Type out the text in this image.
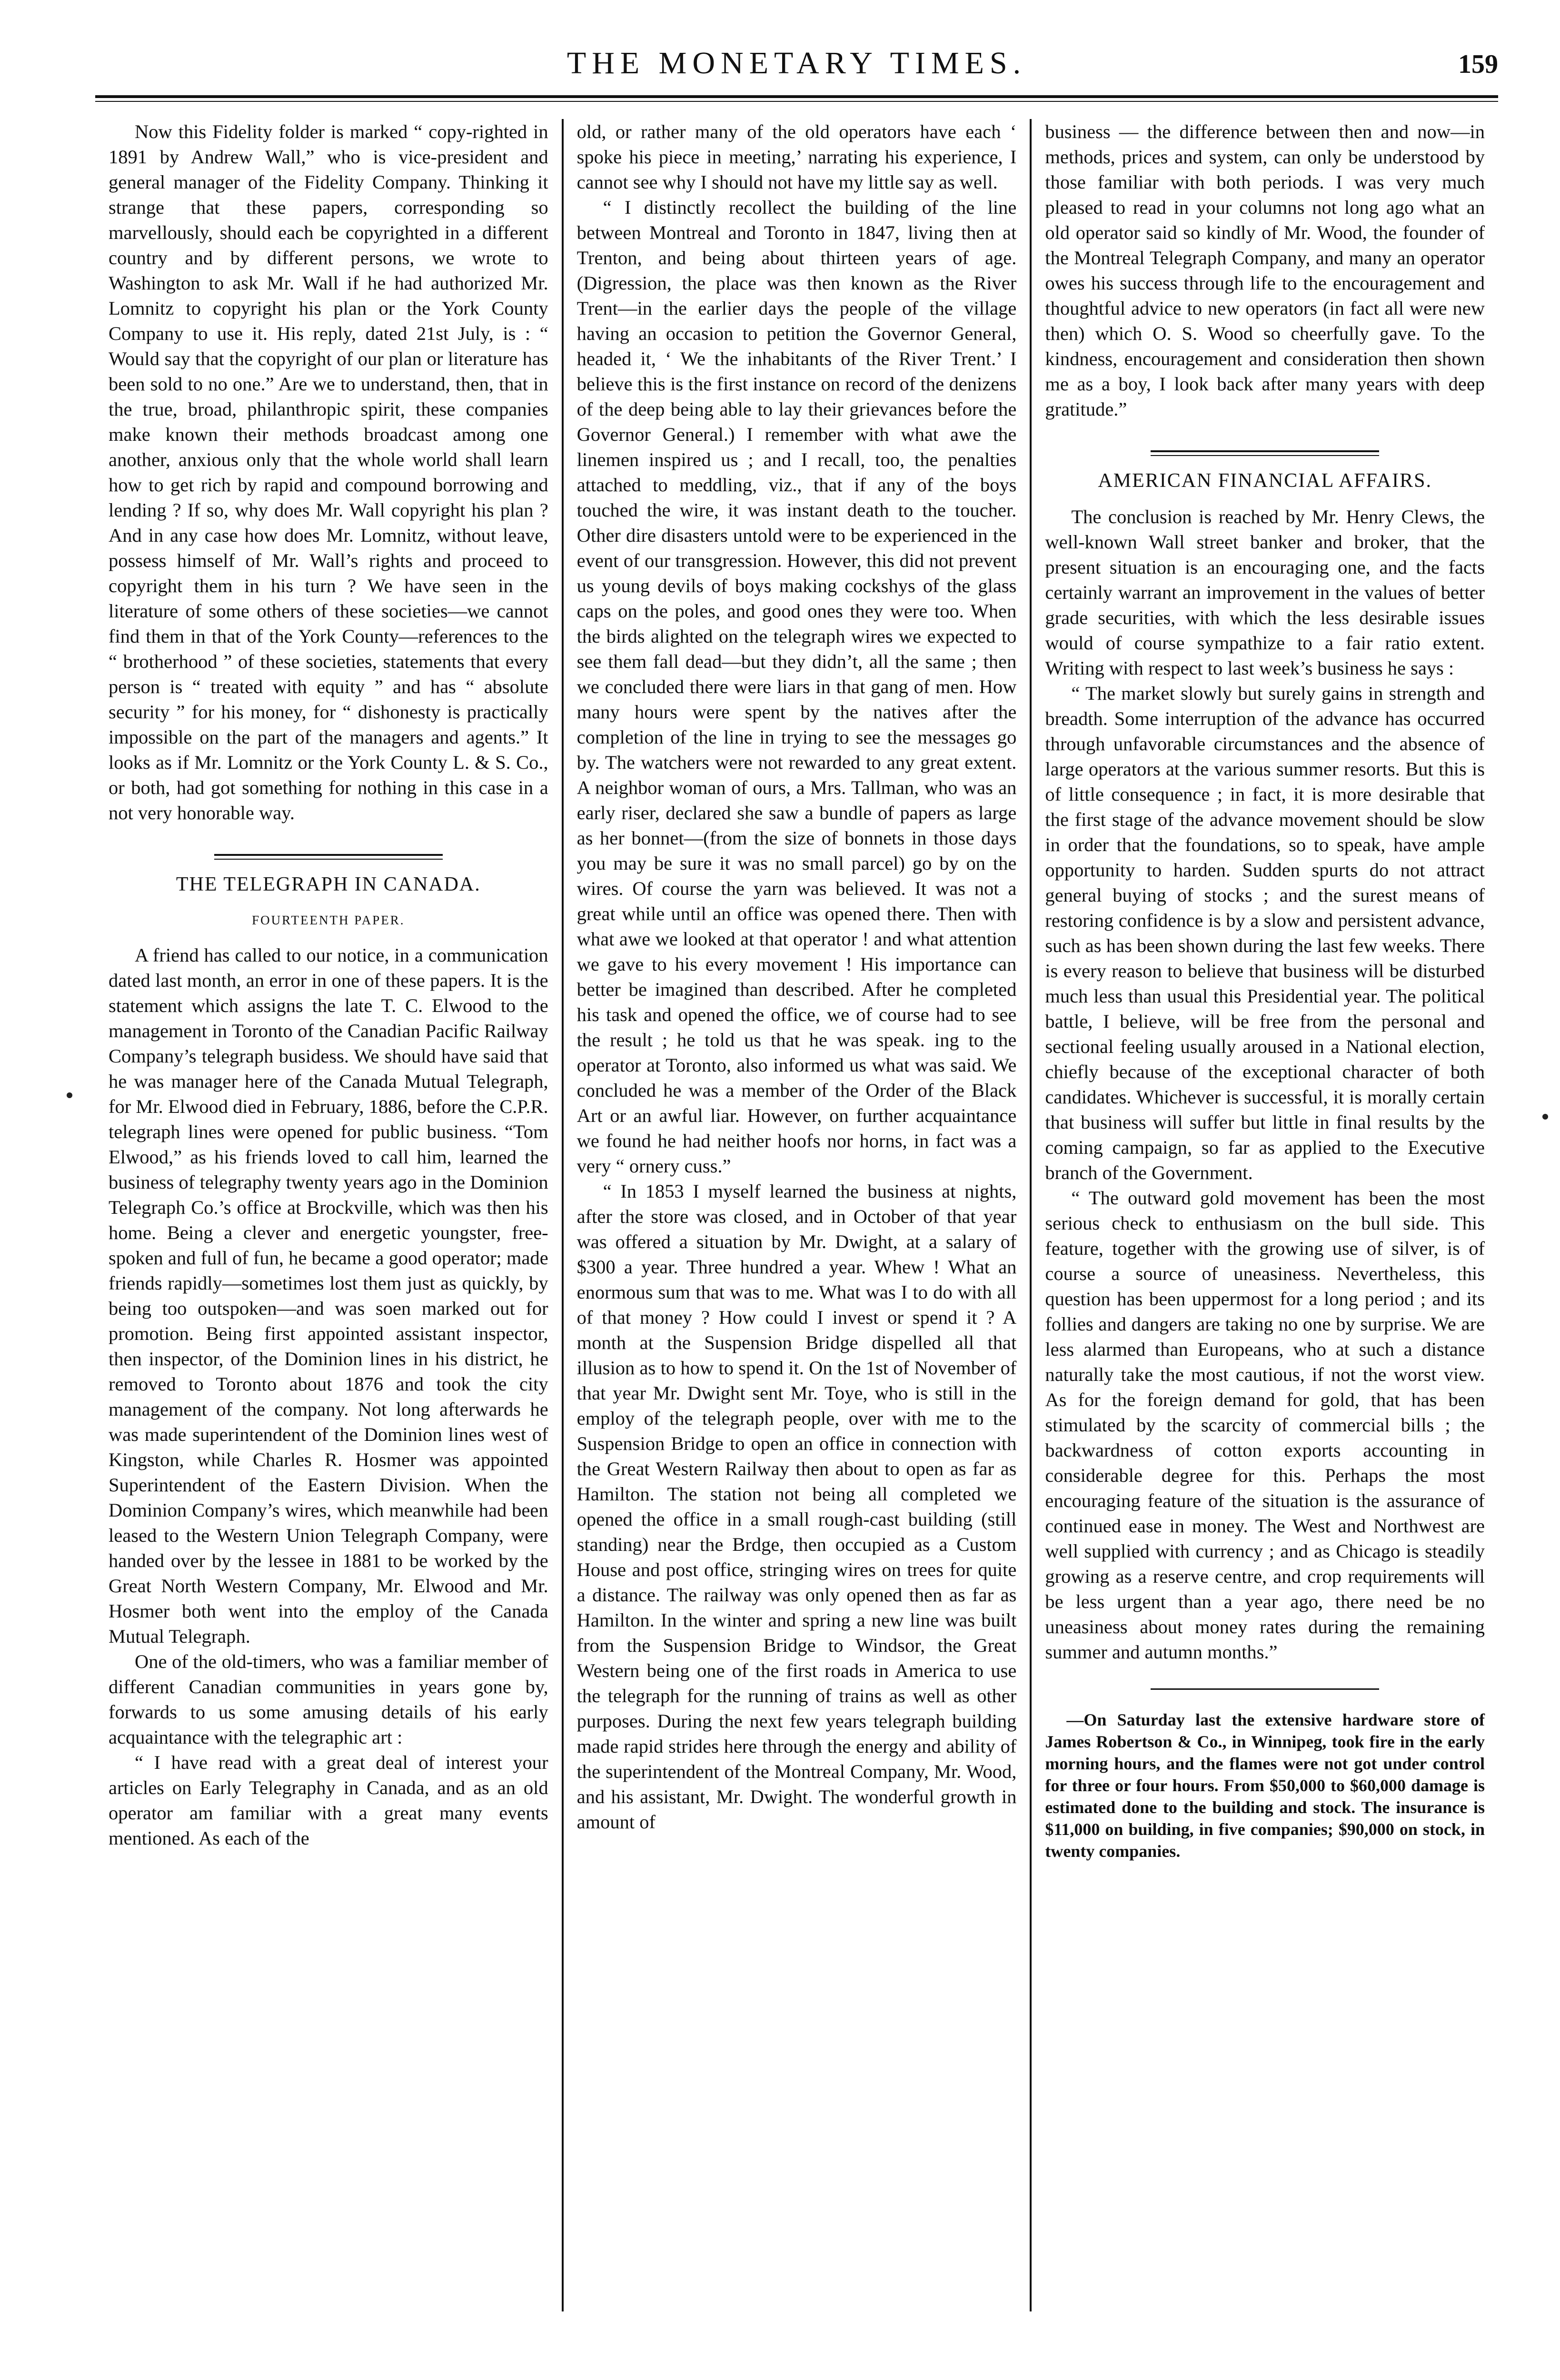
THE MONETARY TIMES.	159

Now this Fidelity folder is marked “ copy-righted in 1891 by Andrew Wall,” who is vice-president and general manager of the Fidelity Company. Thinking it strange that these papers, corresponding so marvellously, should each be copyrighted in a different country and by different persons, we wrote to Washington to ask Mr. Wall if he had authorized Mr. Lomnitz to copyright his plan or the York County Company to use it. His reply, dated 21st July, is : “ Would say that the copyright of our plan or literature has been sold to no one.” Are we to understand, then, that in the true, broad, philanthropic spirit, these companies make known their methods broadcast among one another, anxious only that the whole world shall learn how to get rich by rapid and compound borrowing and lending ? If so, why does Mr. Wall copyright his plan ? And in any case how does Mr. Lomnitz, without leave, possess himself of Mr. Wall’s rights and proceed to copyright them in his turn ? We have seen in the literature of some others of these societies—we cannot find them in that of the York County—references to the “ brotherhood ” of these societies, statements that every person is “ treated with equity ” and has “ absolute security ” for his money, for “ dishonesty is practically impossible on the part of the managers and agents.” It looks as if Mr. Lomnitz or the York County L. & S. Co., or both, had got something for nothing in this case in a not very honorable way.

THE TELEGRAPH IN CANADA.
FOURTEENTH PAPER.

A friend has called to our notice, in a communication dated last month, an error in one of these papers. It is the statement which assigns the late T. C. Elwood to the management in Toronto of the Canadian Pacific Railway Company’s telegraph busidess. We should have said that he was manager here of the Canada Mutual Telegraph, for Mr. Elwood died in February, 1886, before the C.P.R. telegraph lines were opened for public business. “Tom Elwood,” as his friends loved to call him, learned the business of telegraphy twenty years ago in the Dominion Telegraph Co.’s office at Brockville, which was then his home. Being a clever and energetic youngster, free-spoken and full of fun, he became a good operator; made friends rapidly—sometimes lost them just as quickly, by being too outspoken—and was soen marked out for promotion. Being first appointed assistant inspector, then inspector, of the Dominion lines in his district, he removed to Toronto about 1876 and took the city management of the company. Not long afterwards he was made superintendent of the Dominion lines west of Kingston, while Charles R. Hosmer was appointed Superintendent of the Eastern Division. When the Dominion Company’s wires, which meanwhile had been leased to the Western Union Telegraph Company, were handed over by the lessee in 1881 to be worked by the Great North Western Company, Mr. Elwood and Mr. Hosmer both went into the employ of the Canada Mutual Telegraph.

One of the old-timers, who was a familiar member of different Canadian communities in years gone by, forwards to us some amusing details of his early acquaintance with the telegraphic art :

“ I have read with a great deal of interest your articles on Early Telegraphy in Canada, and as an old operator am familiar with a great many events mentioned. As each of the

old, or rather many of the old operators have each ‘ spoke his piece in meeting,’ narrating his experience, I cannot see why I should not have my little say as well.

“ I distinctly recollect the building of the line between Montreal and Toronto in 1847, living then at Trenton, and being about thirteen years of age. (Digression, the place was then known as the River Trent—in the earlier days the people of the village having an occasion to petition the Governor General, headed it, ‘ We the inhabitants of the River Trent.’ I believe this is the first instance on record of the denizens of the deep being able to lay their grievances before the Governor General.) I remember with what awe the linemen inspired us ; and I recall, too, the penalties attached to meddling, viz., that if any of the boys touched the wire, it was instant death to the toucher. Other dire disasters untold were to be experienced in the event of our transgression. However, this did not prevent us young devils of boys making cockshys of the glass caps on the poles, and good ones they were too. When the birds alighted on the telegraph wires we expected to see them fall dead—but they didn’t, all the same ; then we concluded there were liars in that gang of men. How many hours were spent by the natives after the completion of the line in trying to see the messages go by. The watchers were not rewarded to any great extent. A neighbor woman of ours, a Mrs. Tallman, who was an early riser, declared she saw a bundle of papers as large as her bonnet—(from the size of bonnets in those days you may be sure it was no small parcel) go by on the wires. Of course the yarn was believed. It was not a great while until an office was opened there. Then with what awe we looked at that operator ! and what attention we gave to his every movement ! His importance can better be imagined than described. After he completed his task and opened the office, we of course had to see the result ; he told us that he was speak. ing to the operator at Toronto, also informed us what was said. We concluded he was a member of the Order of the Black Art or an awful liar. However, on further acquaintance we found he had neither hoofs nor horns, in fact was a very “ ornery cuss.”

“ In 1853 I myself learned the business at nights, after the store was closed, and in October of that year was offered a situation by Mr. Dwight, at a salary of $300 a year. Three hundred a year. Whew ! What an enormous sum that was to me. What was I to do with all of that money ? How could I invest or spend it ? A month at the Suspension Bridge dispelled all that illusion as to how to spend it. On the 1st of November of that year Mr. Dwight sent Mr. Toye, who is still in the employ of the telegraph people, over with me to the Suspension Bridge to open an office in connection with the Great Western Railway then about to open as far as Hamilton. The station not being all completed we opened the office in a small rough-cast building (still standing) near the Brdge, then occupied as a Custom House and post office, stringing wires on trees for quite a distance. The railway was only opened then as far as Hamilton. In the winter and spring a new line was built from the Suspension Bridge to Windsor, the Great Western being one of the first roads in America to use the telegraph for the running of trains as well as other purposes. During the next few years telegraph building made rapid strides here through the energy and ability of the superintendent of the Montreal Company, Mr. Wood, and his assistant, Mr. Dwight. The wonderful growth in amount of

business — the difference between then and now—in methods, prices and system, can only be understood by those familiar with both periods. I was very much pleased to read in your columns not long ago what an old operator said so kindly of Mr. Wood, the founder of the Montreal Telegraph Company, and many an operator owes his success through life to the encouragement and thoughtful advice to new operators (in fact all were new then) which O. S. Wood so cheerfully gave. To the kindness, encouragement and consideration then shown me as a boy, I look back after many years with deep gratitude.”

AMERICAN FINANCIAL AFFAIRS.

The conclusion is reached by Mr. Henry Clews, the well-known Wall street banker and broker, that the present situation is an encouraging one, and the facts certainly warrant an improvement in the values of better grade securities, with which the less desirable issues would of course sympathize to a fair ratio extent. Writing with respect to last week’s business he says :

“ The market slowly but surely gains in strength and breadth. Some interruption of the advance has occurred through unfavorable circumstances and the absence of large operators at the various summer resorts. But this is of little consequence ; in fact, it is more desirable that the first stage of the advance movement should be slow in order that the foundations, so to speak, have ample opportunity to harden. Sudden spurts do not attract general buying of stocks ; and the surest means of restoring confidence is by a slow and persistent advance, such as has been shown during the last few weeks. There is every reason to believe that business will be disturbed much less than usual this Presidential year. The political battle, I believe, will be free from the personal and sectional feeling usually aroused in a National election, chiefly because of the exceptional character of both candidates. Whichever is successful, it is morally certain that business will suffer but little in final results by the coming campaign, so far as applied to the Executive branch of the Government.

“ The outward gold movement has been the most serious check to enthusiasm on the bull side. This feature, together with the growing use of silver, is of course a source of uneasiness. Nevertheless, this question has been uppermost for a long period ; and its follies and dangers are taking no one by surprise. We are less alarmed than Europeans, who at such a distance naturally take the most cautious, if not the worst view. As for the foreign demand for gold, that has been stimulated by the scarcity of commercial bills ; the backwardness of cotton exports accounting in considerable degree for this. Perhaps the most encouraging feature of the situation is the assurance of continued ease in money. The West and Northwest are well supplied with currency ; and as Chicago is steadily growing as a reserve centre, and crop requirements will be less urgent than a year ago, there need be no uneasiness about money rates during the remaining summer and autumn months.”

—On Saturday last the extensive hardware store of James Robertson & Co., in Winnipeg, took fire in the early morning hours, and the flames were not got under control for three or four hours. From $50,000 to $60,000 damage is estimated done to the building and stock. The insurance is $11,000 on building, in five companies; $90,000 on stock, in twenty companies.
